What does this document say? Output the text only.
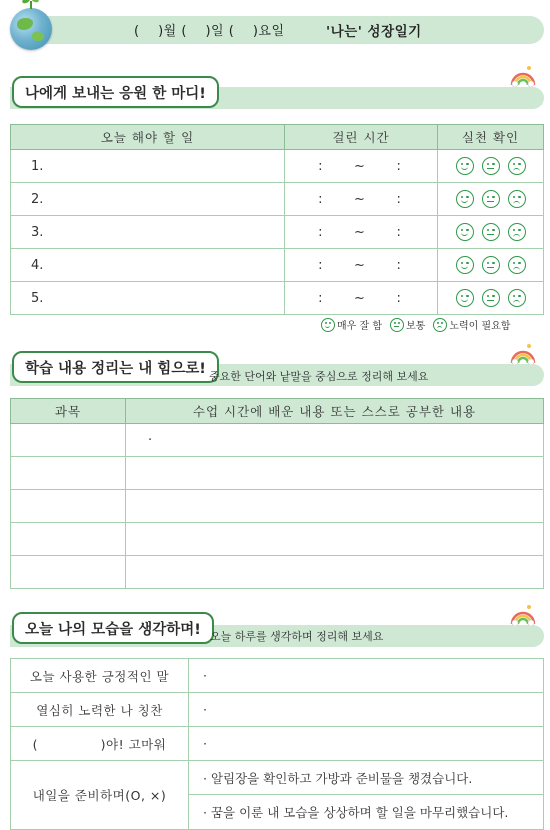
(    )월 (    )일 (    )요일	'나는' 성장일기
나에게 보내는 응원 한 마디!
오늘 해야 할 일	걸린 시간	실천 확인
1.	:    ~    :	

2.	:    ~    :	

3.	:    ~    :	

4.	:    ~    :	

5.	:    ~    :	
매우 잘 함 보통 노력이 필요함
학습 내용 정리는 내 힘으로! 중요한 단어와 낱말을 중심으로 정리해 보세요
과목	수업 시간에 배운 내용 또는 스스로 공부한 내용
	·

오늘 나의 모습을 생각하며! 오늘 하루를 생각하며 정리해 보세요
오늘 사용한 긍정적인 말	·
열심히 노력한 나 칭찬	·
(              )야! 고마워	·
내일을 준비하며(O, ×)	· 알림장을 확인하고 가방과 준비물을 챙겼습니다.
· 꿈을 이룬 내 모습을 상상하며 할 일을 마무리했습니다.
